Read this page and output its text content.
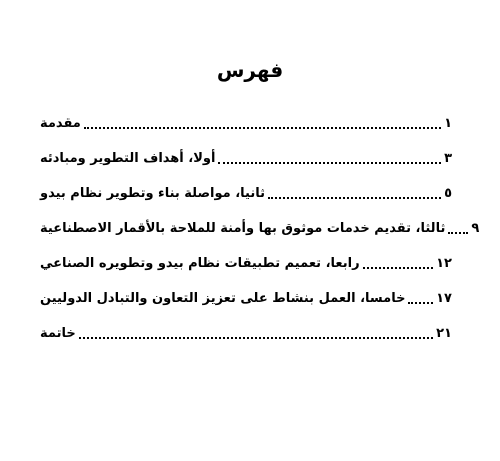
فهرس
مقدمة	١
أولا، أهداف التطوير ومبادئه	٣
ثانيا، مواصلة بناء وتطوير نظام بيدو	٥
ثالثا، تقديم خدمات موثوق بها وأمنة للملاحة بالأقمار الاصطناعية ٩
رابعا، تعميم تطبيقات نظام بيدو وتطويره الصناعي	١٢
خامسا، العمل بنشاط على تعزيز التعاون والتبادل الدوليين ١٧
خاتمة	٢١
